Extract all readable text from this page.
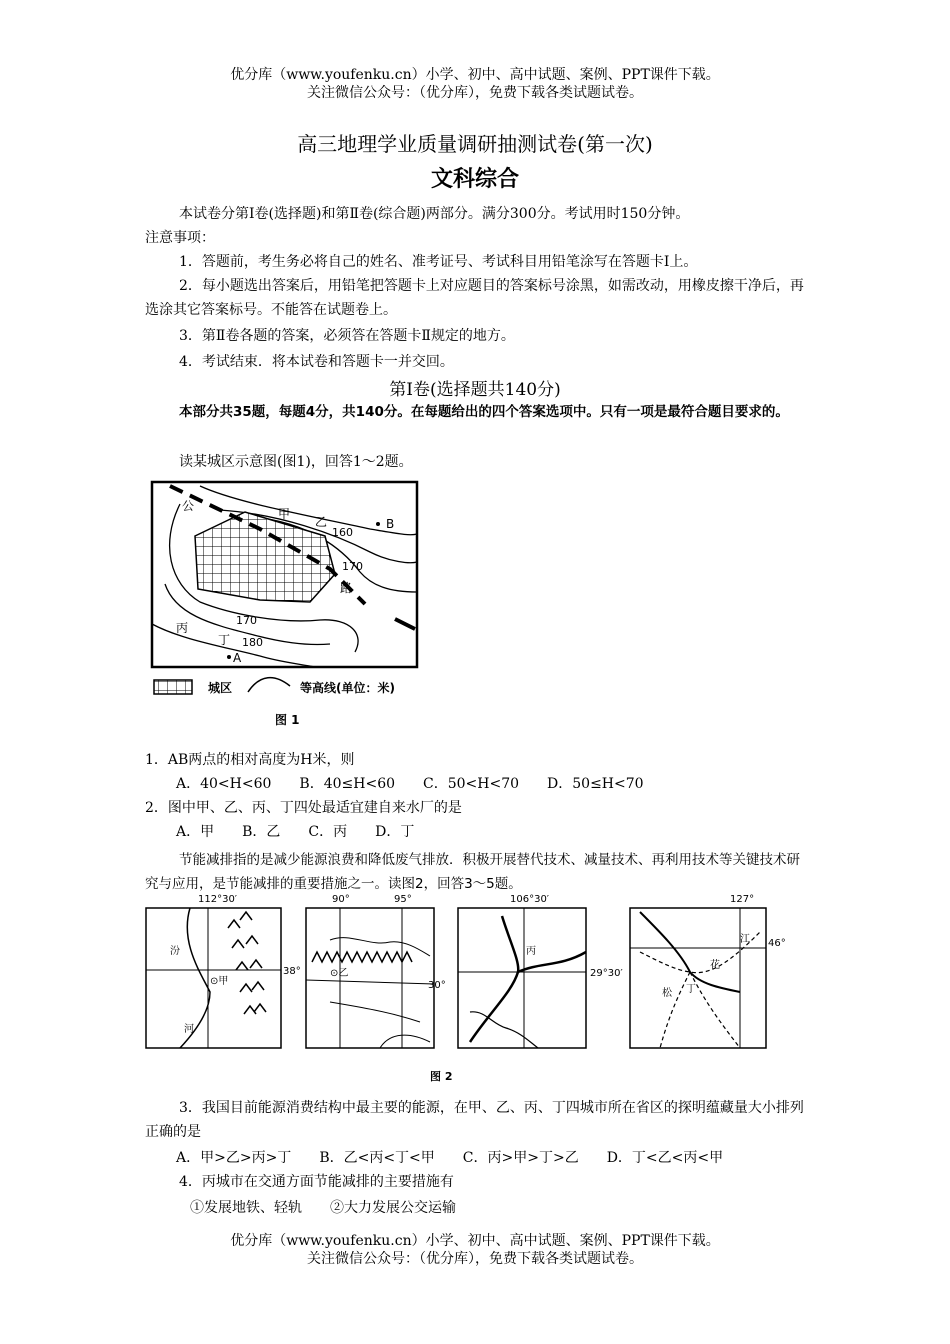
优分库（www.youfenku.cn）小学、初中、高中试题、案例、PPT课件下载。
关注微信公众号：（优分库），免费下载各类试题试卷。
高三地理学业质量调研抽测试卷(第一次)
文科综合
本试卷分第Ⅰ卷(选择题)和第Ⅱ卷(综合题)两部分。满分300分。考试用时150分钟。
注意事项：
1．答题前，考生务必将自己的姓名、准考证号、考试科目用铅笔涂写在答题卡Ⅰ上。
2．每小题选出答案后，用铅笔把答题卡上对应题目的答案标号涂黑，如需改动，用橡皮擦干净后，再选涂其它答案标号。不能答在试题卷上。
3．第Ⅱ卷各题的答案，必须答在答题卡Ⅱ规定的地方。
4．考试结束．将本试卷和答题卡一并交回。
第Ⅰ卷(选择题共140分)
本部分共35题，每题4分，共140分。在每题给出的四个答案选项中。只有一项是最符合题目要求的。
读某城区示意图(图1)，回答1～2题。
公
路
甲
乙
丙
丁
A
B
160
170
170
180
城区	等高线(单位：米)
图 1
1．AB两点的相对高度为H米，则
A．40<H<60 B．40≤H<60 C．50<H<70 D．50≤H<70
2．图中甲、乙、丙、丁四处最适宜建自来水厂的是
A．甲 B．乙 C．丙 D．丁
节能减排指的是减少能源浪费和降低废气排放．积极开展替代技术、减量技术、再利用技术等关键技术研究与应用，是节能减排的重要措施之一。读图2，回答3～5题。
112°30′
38°
汾
⊙甲
河
90°	95°
30°
⊙乙
106°30′
29°30′
丙
127°
46°
江
花
松 丁
图 2
3．我国目前能源消费结构中最主要的能源，在甲、乙、丙、丁四城市所在省区的探明蕴藏量大小排列正确的是
A．甲>乙>丙>丁 B．乙<丙<丁<甲 C．丙>甲>丁>乙 D．丁<乙<丙<甲
4．丙城市在交通方面节能减排的主要措施有
①发展地铁、轻轨 ②大力发展公交运输
优分库（www.youfenku.cn）小学、初中、高中试题、案例、PPT课件下载。
关注微信公众号：（优分库），免费下载各类试题试卷。
